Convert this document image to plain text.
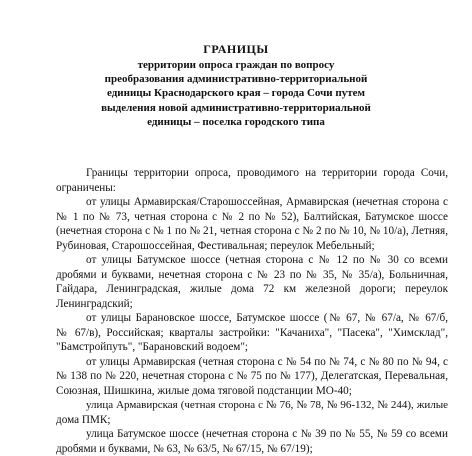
ГРАНИЦЫ
территории опроса граждан по вопросу
преобразования административно-территориальной
единицы Краснодарского края – города Сочи путем
выделения новой административно-территориальной
единицы – поселка городского типа
Границы территории опроса, проводимого на территории города Сочи,
ограничены:
от улицы Армавирская/Старошоссейная, Армавирская (нечетная сторона с
№ 1 по № 73, четная сторона с № 2 по № 52), Балтийская, Батумское шоссе
(нечетная сторона с № 1 по № 21, четная сторона с № 2 по № 10, № 10/а), Летняя,
Рубиновая, Старошоссейная, Фестивальная; переулок Мебельный;
от улицы Батумское шоссе (четная сторона с № 12 по № 30 со всеми
дробями и буквами, нечетная сторона с № 23 по № 35, № 35/а), Больничная,
Гайдара, Ленинградская, жилые дома 72 км железной дороги; переулок
Ленинградский;
от улицы Барановское шоссе, Батумское шоссе (№ 67, № 67/а, № 67/б,
№ 67/в), Российская; кварталы застройки: "Качаниха", "Пасека", "Химсклад",
"Бамстройпуть", "Барановский водоем";
от улицы Армавирская (четная сторона с № 54 по № 74, с № 80 по № 94, с
№ 138 по № 220, нечетная сторона с № 75 по № 177), Делегатская, Перевальная,
Союзная, Шишкина, жилые дома тяговой подстанции МО-40;
улица Армавирская (четная сторона с № 76, № 78, № 96-132, № 244), жилые
дома ПМК;
улица Батумское шоссе (нечетная сторона с № 39 по № 55, № 59 со всеми
дробями и буквами, № 63, № 63/5, № 67/15, № 67/19);
